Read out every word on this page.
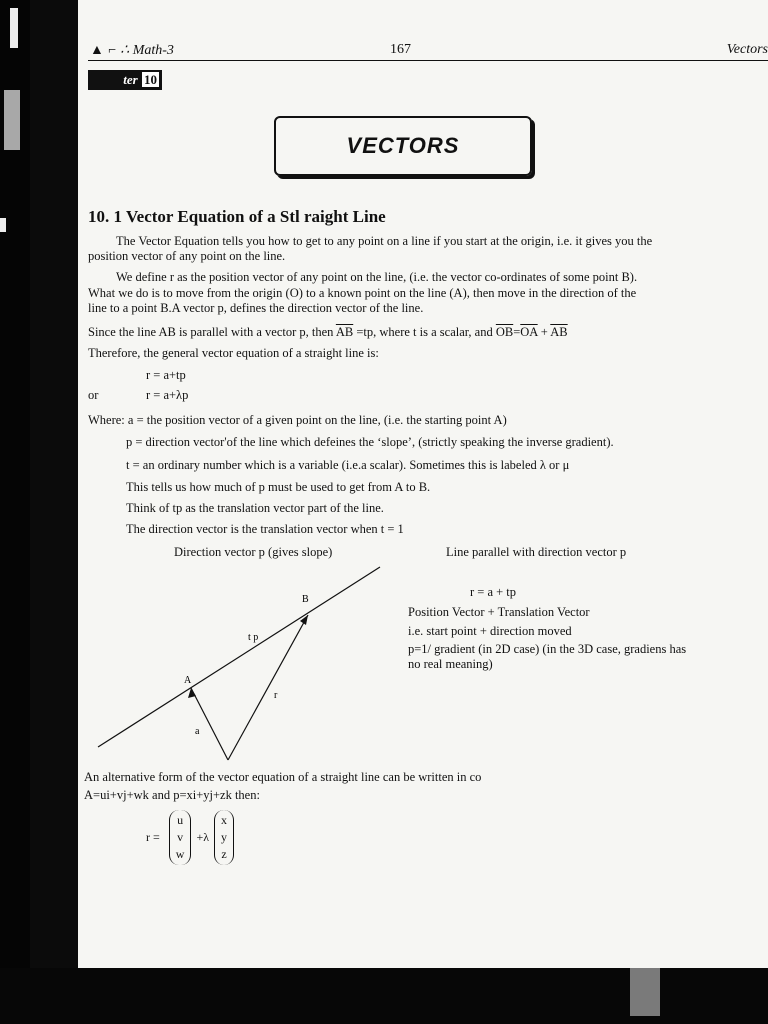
▲ ⌐ ∴ Math-3	167	Vectors
ter 10
VECTORS
10. 1 Vector Equation of a Stl raight Line
The Vector Equation tells you how to get to any point on a line if you start at the origin, i.e. it gives you the
position vector of any point on the line.
We define r as the position vector of any point on the line, (i.e. the vector co-ordinates of some point B).
What we do is to move from the origin (O) to a known point on the line (A), then move in the direction of the
line to a point B.A vector p, defines the direction vector of the line.
Since the line AB is parallel with a vector p, then $\overline{AB} =tp$, where t is a scalar, and $\overline{OB}=\overline{OA} + \overline{AB}$
Therefore, the general vector equation of a straight line is:
r = a+tp
or	r = a+λp
Where: a = the position vector of a given point on the line, (i.e. the starting point A)
p = direction vector'of the line which defeines the ‘slope’, (strictly speaking the inverse gradient).
t = an ordinary number which is a variable (i.e.a scalar). Sometimes this is labeled λ or μ
This tells us how much of p must be used to get from A to B.
Think of tp as the translation vector part of the line.
The direction vector is the translation vector when t = 1
Direction vector p (gives slope)	Line parallel with direction vector p
B
A
t p
r
a
r = a + tp
Position Vector + Translation Vector
i.e. start point + direction moved
p=1/ gradient (in 2D case) (in the 3D case, gradiens has
no real meaning)
An alternative form of the vector equation of a straight line can be written in co
A=ui+vj+wk and p=xi+yj+zk then:
r =
u
v
w
+λ
x
y
z
